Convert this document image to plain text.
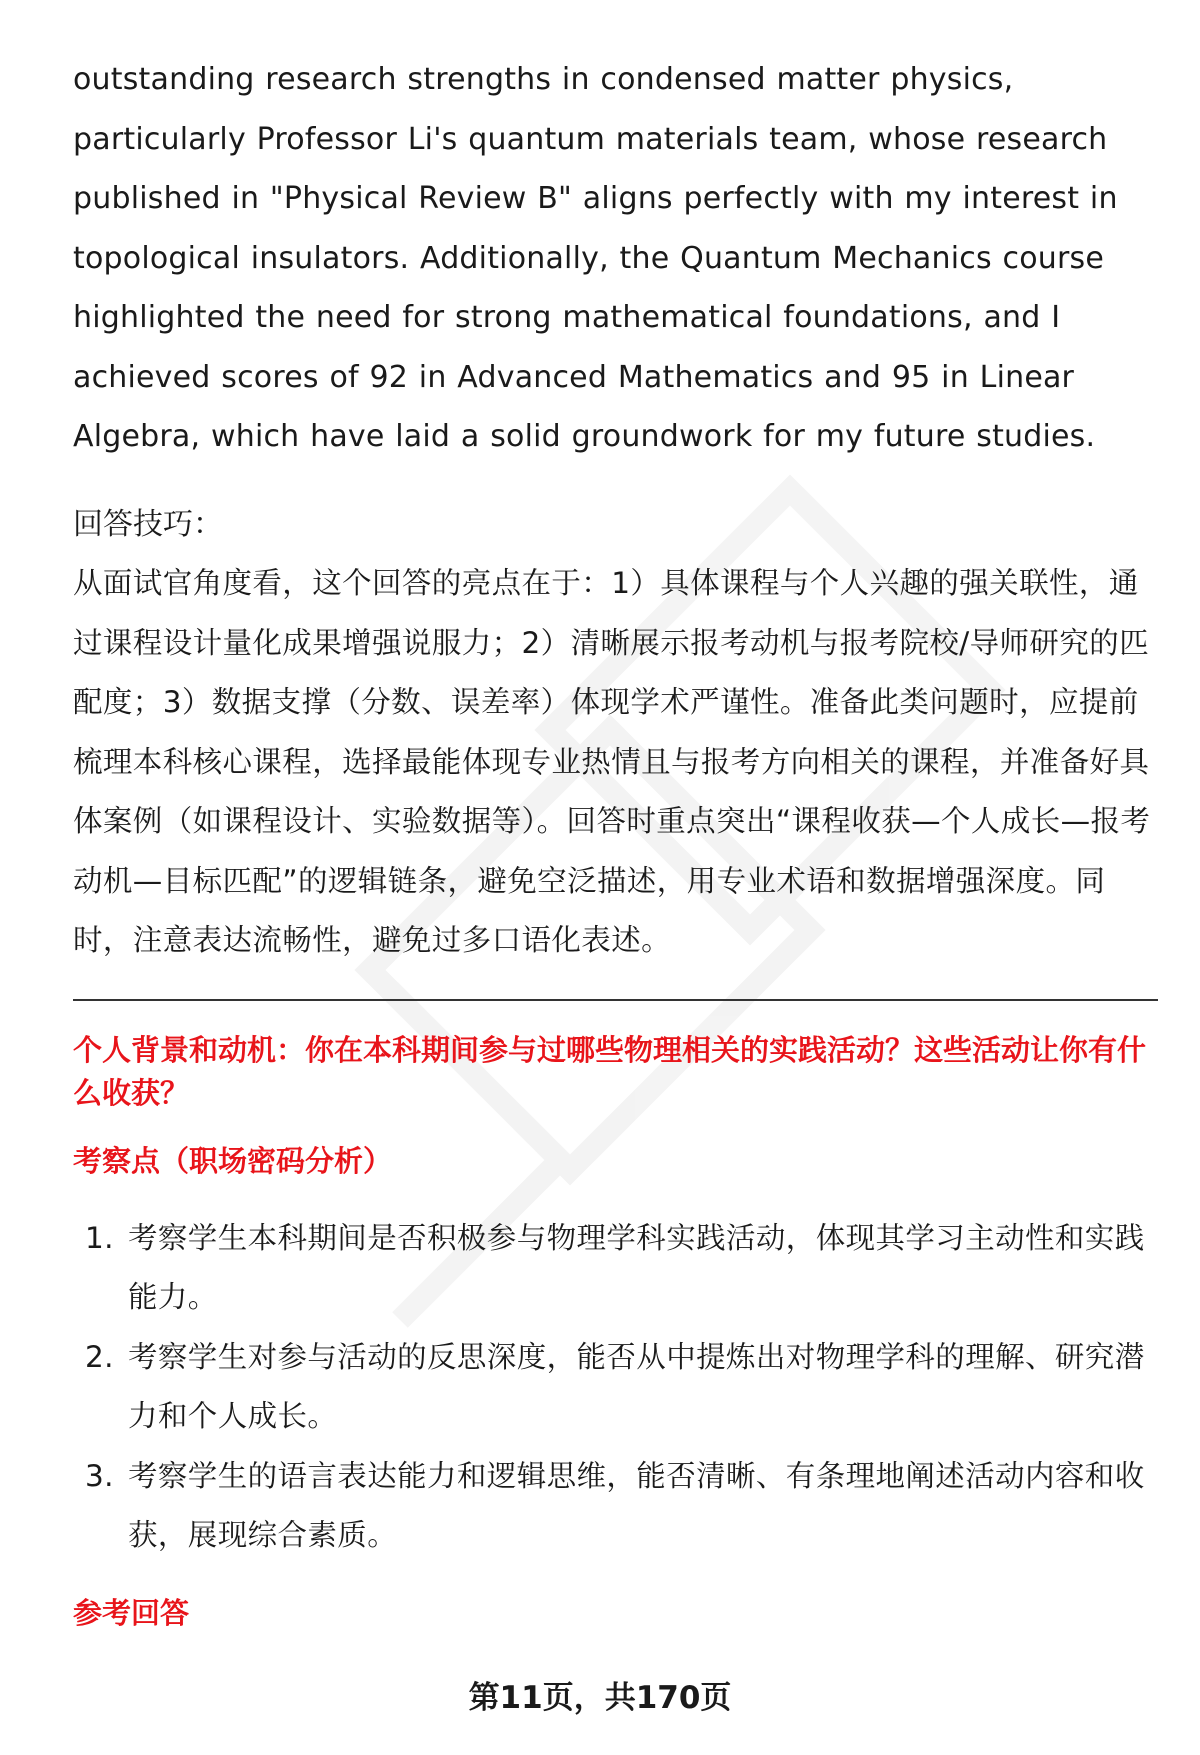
outstanding research strengths in condensed matter physics, particularly Professor Li's quantum materials team, whose research published in "Physical Review B" aligns perfectly with my interest in topological insulators. Additionally, the Quantum Mechanics course highlighted the need for strong mathematical foundations, and I achieved scores of 92 in Advanced Mathematics and 95 in Linear Algebra, which have laid a solid groundwork for my future studies.

回答技巧：

从面试官角度看，这个回答的亮点在于：1）具体课程与个人兴趣的强关联性，通过课程设计量化成果增强说服力；2）清晰展示报考动机与报考院校/导师研究的匹配度；3）数据支撑（分数、误差率）体现学术严谨性。准备此类问题时，应提前梳理本科核心课程，选择最能体现专业热情且与报考方向相关的课程，并准备好具体案例（如课程设计、实验数据等）。回答时重点突出“课程收获—个人成长—报考动机—目标匹配”的逻辑链条，避免空泛描述，用专业术语和数据增强深度。同时，注意表达流畅性，避免过多口语化表述。

个人背景和动机：你在本科期间参与过哪些物理相关的实践活动？这些活动让你有什么收获？

考察点（职场密码分析）

1. 考察学生本科期间是否积极参与物理学科实践活动，体现其学习主动性和实践能力。
2. 考察学生对参与活动的反思深度，能否从中提炼出对物理学科的理解、研究潜力和个人成长。
3. 考察学生的语言表达能力和逻辑思维，能否清晰、有条理地阐述活动内容和收获，展现综合素质。

参考回答

第11页，共170页
